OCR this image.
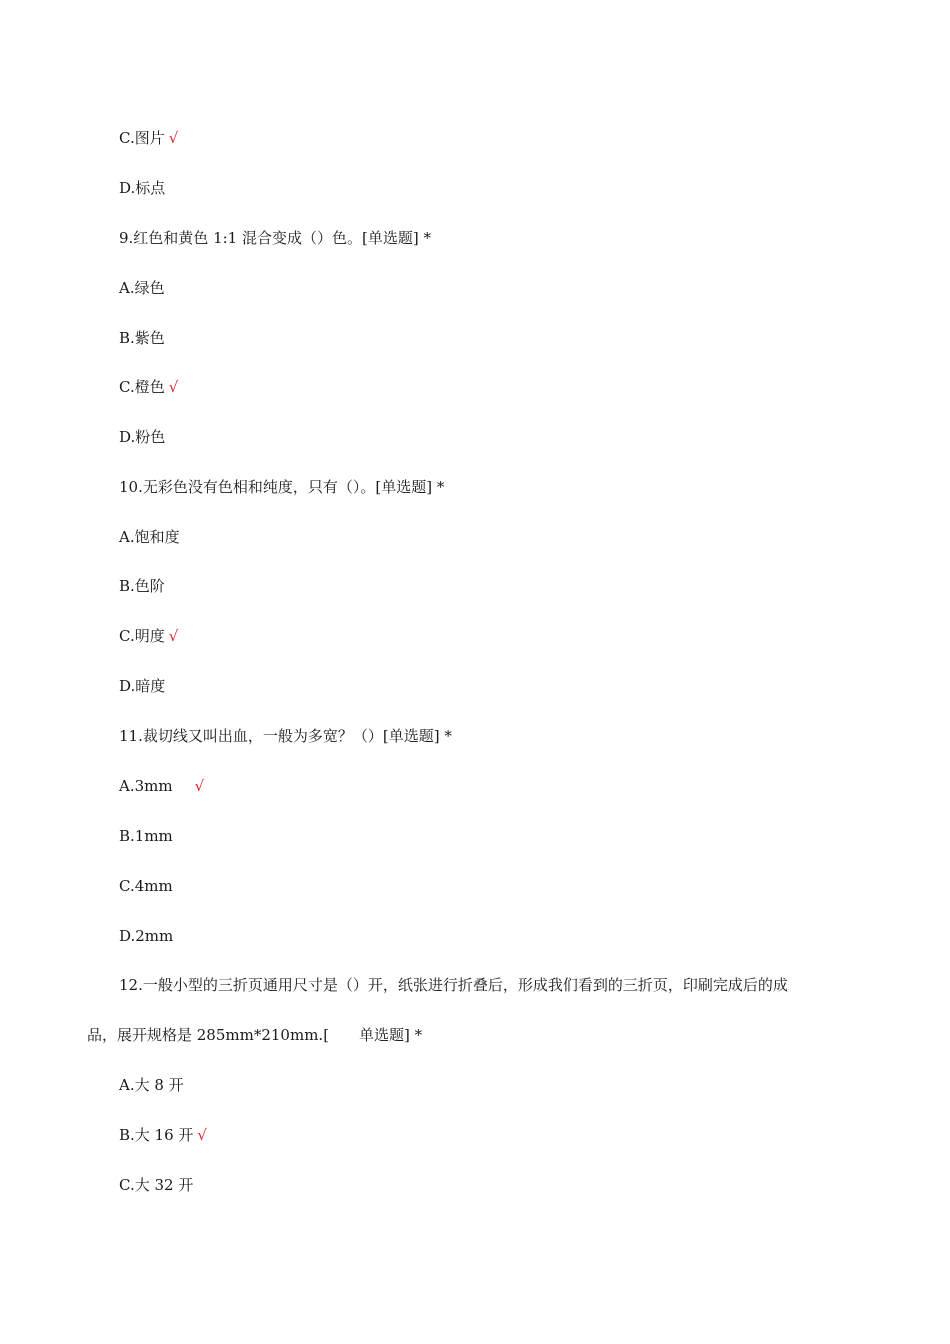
C.图片 √
D.标点
9.红色和黄色 1:1 混合变成（）色。[单选题] *
A.绿色
B.紫色
C.橙色 √
D.粉色
10.无彩色没有色相和纯度，只有（）。[单选题] *
A.饱和度
B.色阶
C.明度 √
D.暗度
11.裁切线又叫出血，一般为多宽？（）[单选题] *
A.3mm √
B.1mm
C.4mm
D.2mm
12.一般小型的三折页通用尺寸是（）开，纸张进行折叠后，形成我们看到的三折页，印刷完成后的成
品，展开规格是 285mm*210mm.[ 单选题] *
A.大 8 开
B.大 16 开 √
C.大 32 开
